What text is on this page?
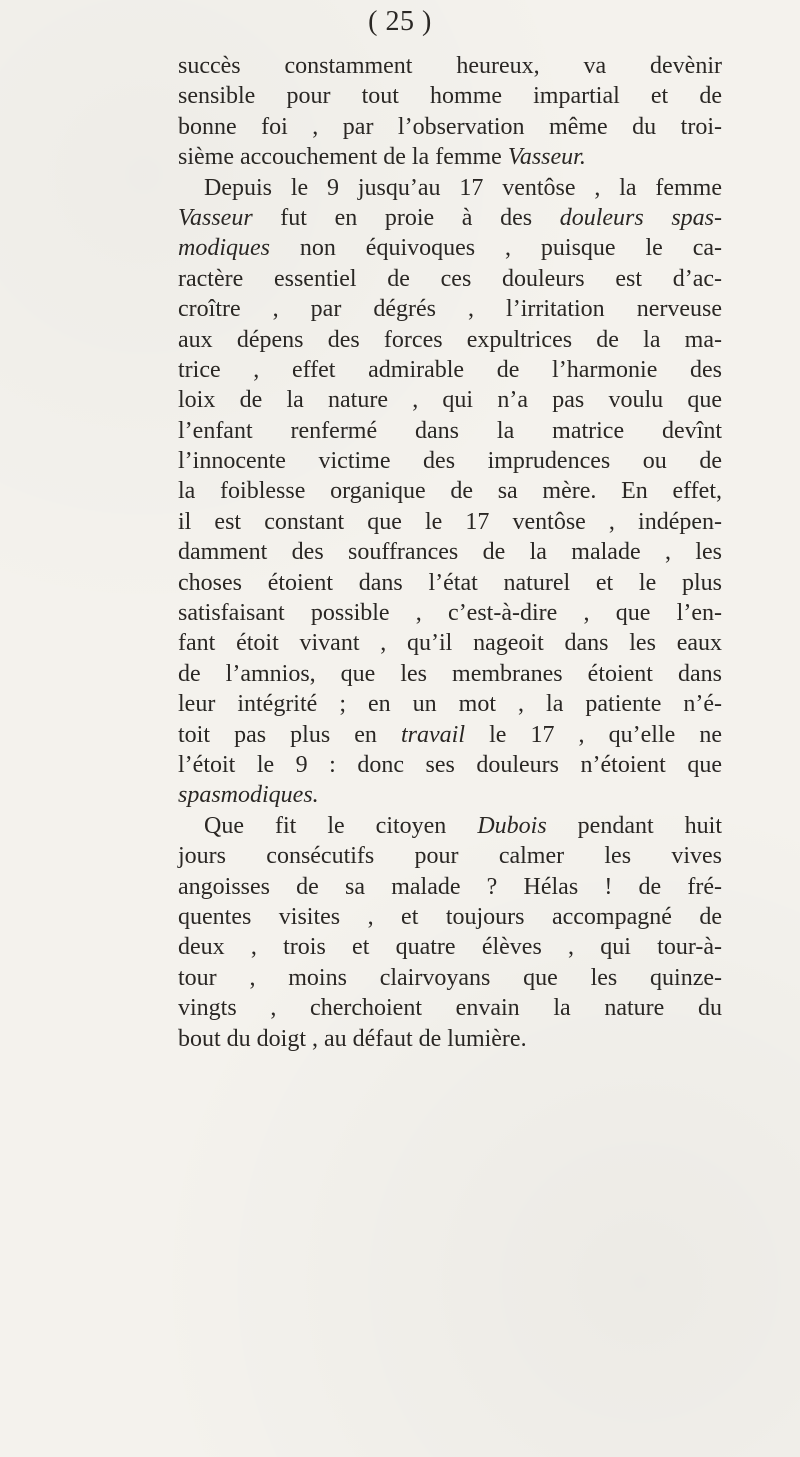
( 25 )
succès constamment heureux, va devènir
sensible pour tout homme impartial et de
bonne foi , par l’observation même du troi-
sième accouchement de la femme Vasseur.
Depuis le 9 jusqu’au 17 ventôse , la femme
Vasseur fut en proie à des douleurs spas-
modiques non équivoques , puisque le ca-
ractère essentiel de ces douleurs est d’ac-
croître , par dégrés , l’irritation nerveuse
aux dépens des forces expultrices de la ma-
trice , effet admirable de l’harmonie des
loix de la nature , qui n’a pas voulu que
l’enfant renfermé dans la matrice devînt
l’innocente victime des imprudences ou de
la foiblesse organique de sa mère. En effet,
il est constant que le 17 ventôse , indépen-
damment des souffrances de la malade , les
choses étoient dans l’état naturel et le plus
satisfaisant possible , c’est-à-dire , que l’en-
fant étoit vivant , qu’il nageoit dans les eaux
de l’amnios, que les membranes étoient dans
leur intégrité ; en un mot , la patiente n’é-
toit pas plus en travail le 17 , qu’elle ne
l’étoit le 9 : donc ses douleurs n’étoient que
spasmodiques.
Que fit le citoyen Dubois pendant huit
jours consécutifs pour calmer les vives
angoisses de sa malade ? Hélas ! de fré-
quentes visites , et toujours accompagné de
deux , trois et quatre élèves , qui tour-à-
tour , moins clairvoyans que les quinze-
vingts , cherchoient envain la nature du
bout du doigt , au défaut de lumière.
